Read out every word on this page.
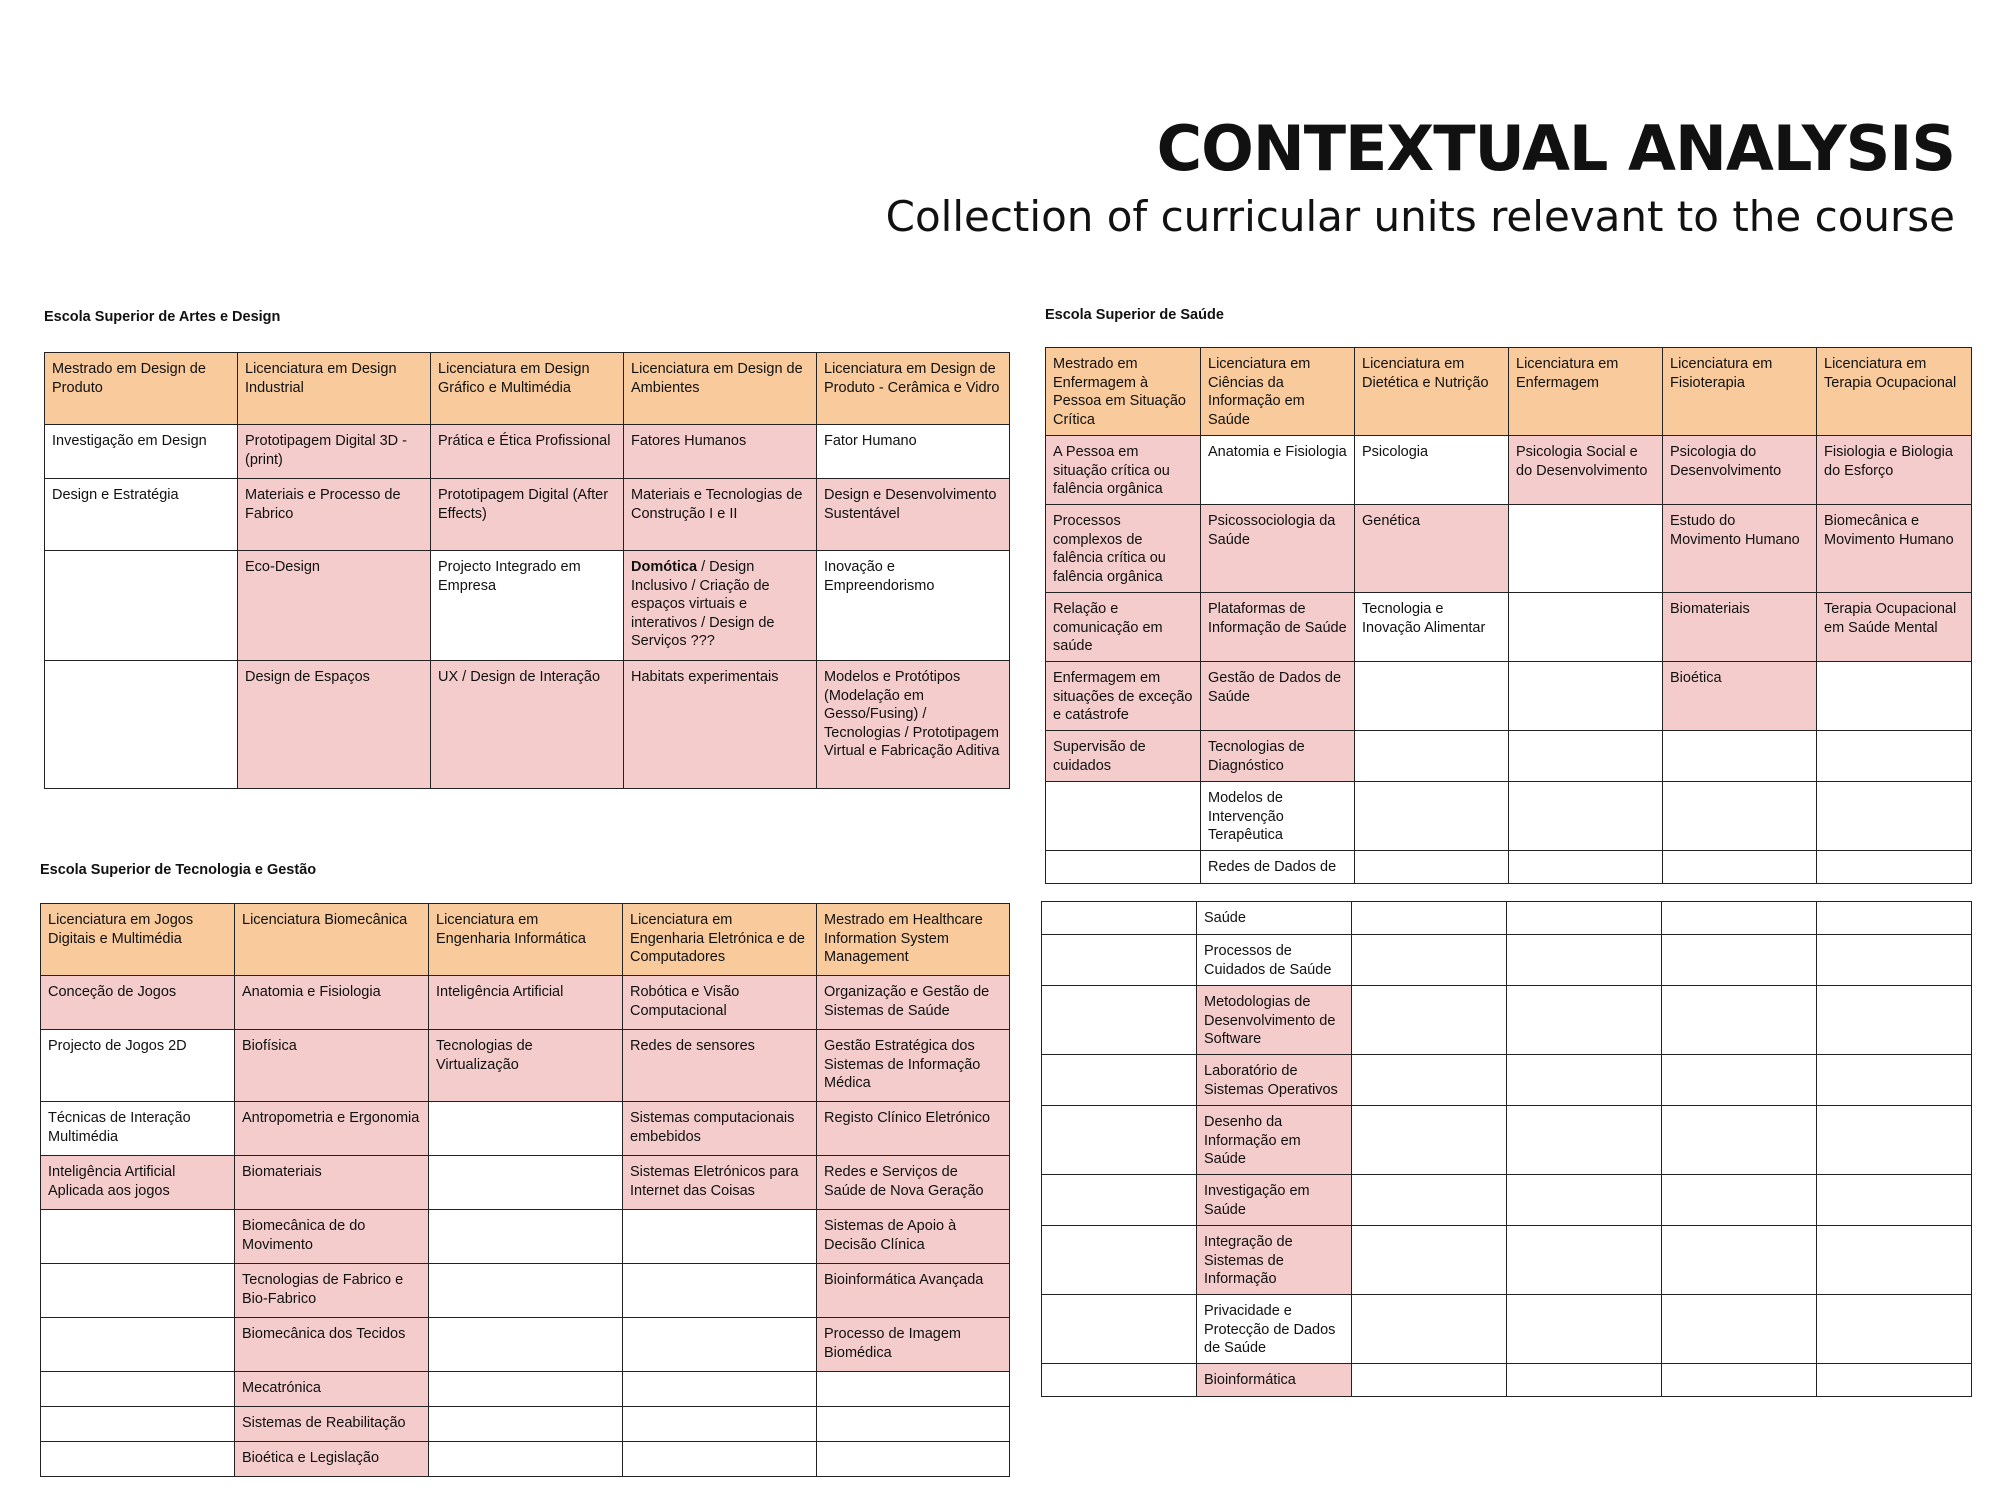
CONTEXTUAL ANALYSIS
Collection of curricular units relevant to the course
Escola Superior de Artes e Design
Mestrado em Design de Produto	Licenciatura em Design Industrial	Licenciatura em Design Gráfico e Multimédia	Licenciatura em Design de Ambientes	Licenciatura em Design de Produto - Cerâmica e Vidro
Investigação em Design	Prototipagem Digital 3D - (print)	Prática e Ética Profissional	Fatores Humanos	Fator Humano
Design e Estratégia	Materiais e Processo de Fabrico	Prototipagem Digital (After Effects)	Materiais e Tecnologias de Construção I e II	Design e Desenvolvimento Sustentável
	Eco-Design	Projecto Integrado em Empresa	Domótica / Design Inclusivo / Criação de espaços virtuais e interativos / Design de Serviços ???	Inovação e Empreendorismo
	Design de Espaços	UX / Design de Interação	Habitats experimentais	Modelos e Protótipos (Modelação em Gesso/Fusing) / Tecnologias / Prototipagem Virtual e Fabricação Aditiva
Escola Superior de Tecnologia e Gestão
Licenciatura em Jogos Digitais e Multimédia	Licenciatura Biomecânica	Licenciatura em Engenharia Informática	Licenciatura em Engenharia Eletrónica e de Computadores	Mestrado em Healthcare Information System Management
Conceção de Jogos	Anatomia e Fisiologia	Inteligência Artificial	Robótica e Visão Computacional	Organização e Gestão de Sistemas de Saúde
Projecto de Jogos 2D	Biofísica	Tecnologias de Virtualização	Redes de sensores	Gestão Estratégica dos Sistemas de Informação Médica
Técnicas de Interação Multimédia	Antropometria e Ergonomia		Sistemas computacionais embebidos	Registo Clínico Eletrónico
Inteligência Artificial Aplicada aos jogos	Biomateriais		Sistemas Eletrónicos para Internet das Coisas	Redes e Serviços de Saúde de Nova Geração
	Biomecânica de do Movimento			Sistemas de Apoio à Decisão Clínica
	Tecnologias de Fabrico e Bio-Fabrico			Bioinformática Avançada
	Biomecânica dos Tecidos			Processo de Imagem Biomédica
	Mecatrónica			
	Sistemas de Reabilitação			
	Bioética e Legislação			
Escola Superior de Saúde
Mestrado em Enfermagem à Pessoa em Situação Crítica	Licenciatura em Ciências da Informação em Saúde	Licenciatura em Dietética e Nutrição	Licenciatura em Enfermagem	Licenciatura em Fisioterapia	Licenciatura em Terapia Ocupacional
A Pessoa em situação crítica ou falência orgânica	Anatomia e Fisiologia	Psicologia	Psicologia Social e do Desenvolvimento	Psicologia do Desenvolvimento	Fisiologia e Biologia do Esforço
Processos complexos de falência crítica ou falência orgânica	Psicossociologia da Saúde	Genética		Estudo do Movimento Humano	Biomecânica e Movimento Humano
Relação e comunicação em saúde	Plataformas de Informação de Saúde	Tecnologia e Inovação Alimentar		Biomateriais	Terapia Ocupacional em Saúde Mental
Enfermagem em situações de exceção e catástrofe	Gestão de Dados de Saúde			Bioética	
Supervisão de cuidados	Tecnologias de Diagnóstico				
	Modelos de Intervenção Terapêutica				
	Redes de Dados de				
	Saúde				
	Processos de Cuidados de Saúde				
	Metodologias de Desenvolvimento de Software				
	Laboratório de Sistemas Operativos				
	Desenho da Informação em Saúde				
	Investigação em Saúde				
	Integração de Sistemas de Informação				
	Privacidade e Protecção de Dados de Saúde				
	Bioinformática				
